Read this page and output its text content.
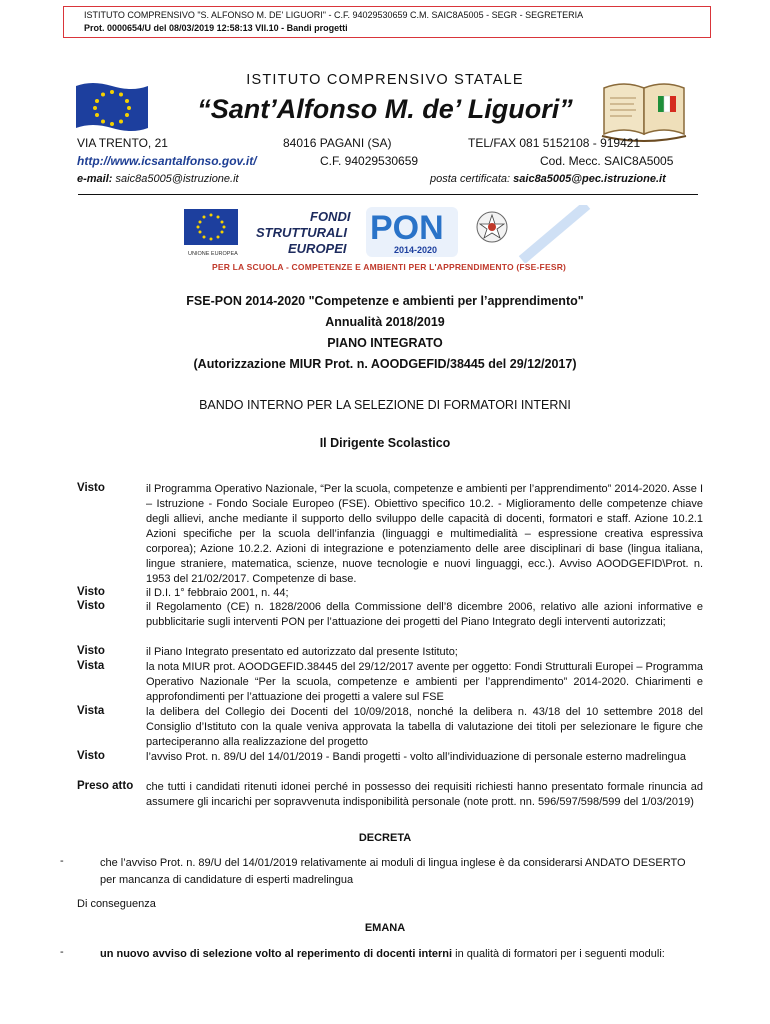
ISTITUTO COMPRENSIVO "S. ALFONSO M. DE' LIGUORI" - C.F. 94029530659 C.M. SAIC8A5005 - SEGR - SEGRETERIA
Prot. 0000654/U del 08/03/2019 12:58:13 VII.10 - Bandi progetti
ISTITUTO COMPRENSIVO STATALE
“Sant’Alfonso M. de’ Liguori”
VIA TRENTO, 21	84016 PAGANI (SA)	TEL/FAX 081 5152108 - 919421
http://www.icsantalfonso.gov.it/	C.F. 94029530659	Cod. Mecc. SAIC8A5005
e-mail: saic8a5005@istruzione.it	posta certificata: saic8a5005@pec.istruzione.it
UNIONE EUROPEA
FONDI
STRUTTURALI
EUROPEI
PON
2014-2020
PER LA SCUOLA - COMPETENZE E AMBIENTI PER L'APPRENDIMENTO (FSE-FESR)
FSE-PON 2014-2020 "Competenze e ambienti per l’apprendimento"
Annualità 2018/2019
PIANO INTEGRATO
(Autorizzazione MIUR Prot. n. AOODGEFID/38445 del 29/12/2017)
BANDO INTERNO PER LA SELEZIONE DI FORMATORI INTERNI
Il Dirigente Scolastico
Visto	il Programma Operativo Nazionale, “Per la scuola, competenze e ambienti per l’apprendimento” 2014-2020. Asse I – Istruzione - Fondo Sociale Europeo (FSE). Obiettivo specifico 10.2. - Miglioramento delle competenze chiave degli allievi, anche mediante il supporto dello sviluppo delle capacità di docenti, formatori e staff. Azione 10.2.1 Azioni specifiche per la scuola dell’infanzia (linguaggi e multimedialità – espressione creativa espressiva corporea); Azione 10.2.2. Azioni di integrazione e potenziamento delle aree disciplinari di base (lingua italiana, lingue straniere, matematica, scienze, nuove tecnologie e nuovi linguaggi, ecc.). Avviso AOODGEFID\Prot. n. 1953 del 21/02/2017. Competenze di base.
Visto	il D.I. 1° febbraio 2001, n. 44;
Visto	il Regolamento (CE) n. 1828/2006 della Commissione dell’8 dicembre 2006, relativo alle azioni informative e pubblicitarie sugli interventi PON per l’attuazione dei progetti del Piano Integrato degli interventi autorizzati;
Visto	il Piano Integrato presentato ed autorizzato dal presente Istituto;
Vista	la nota MIUR prot. AOODGEFID.38445 del 29/12/2017 avente per oggetto: Fondi Strutturali Europei – Programma Operativo Nazionale “Per la scuola, competenze e ambienti per l’apprendimento” 2014-2020. Chiarimenti e approfondimenti per l’attuazione dei progetti a valere sul FSE
Vista	la delibera del Collegio dei Docenti del 10/09/2018, nonché la delibera n. 43/18 del 10 settembre 2018 del Consiglio d’Istituto con la quale veniva approvata la tabella di valutazione dei titoli per selezionare le figure che parteciperanno alla realizzazione del progetto
Visto	l’avviso Prot. n. 89/U del 14/01/2019 - Bandi progetti - volto all’individuazione di personale esterno madrelingua
Preso atto che tutti i candidati ritenuti idonei perché in possesso dei requisiti richiesti hanno presentato formale rinuncia ad assumere gli incarichi per sopravvenuta indisponibilità personale (note prott. nn. 596/597/598/599 del 1/03/2019)
DECRETA
-	che l’avviso Prot. n. 89/U del 14/01/2019 relativamente ai moduli di lingua inglese è da considerarsi ANDATO DESERTO per mancanza di candidature di esperti madrelingua
Di conseguenza
EMANA
-	un nuovo avviso di selezione volto al reperimento di docenti interni in qualità di formatori per i seguenti moduli:
